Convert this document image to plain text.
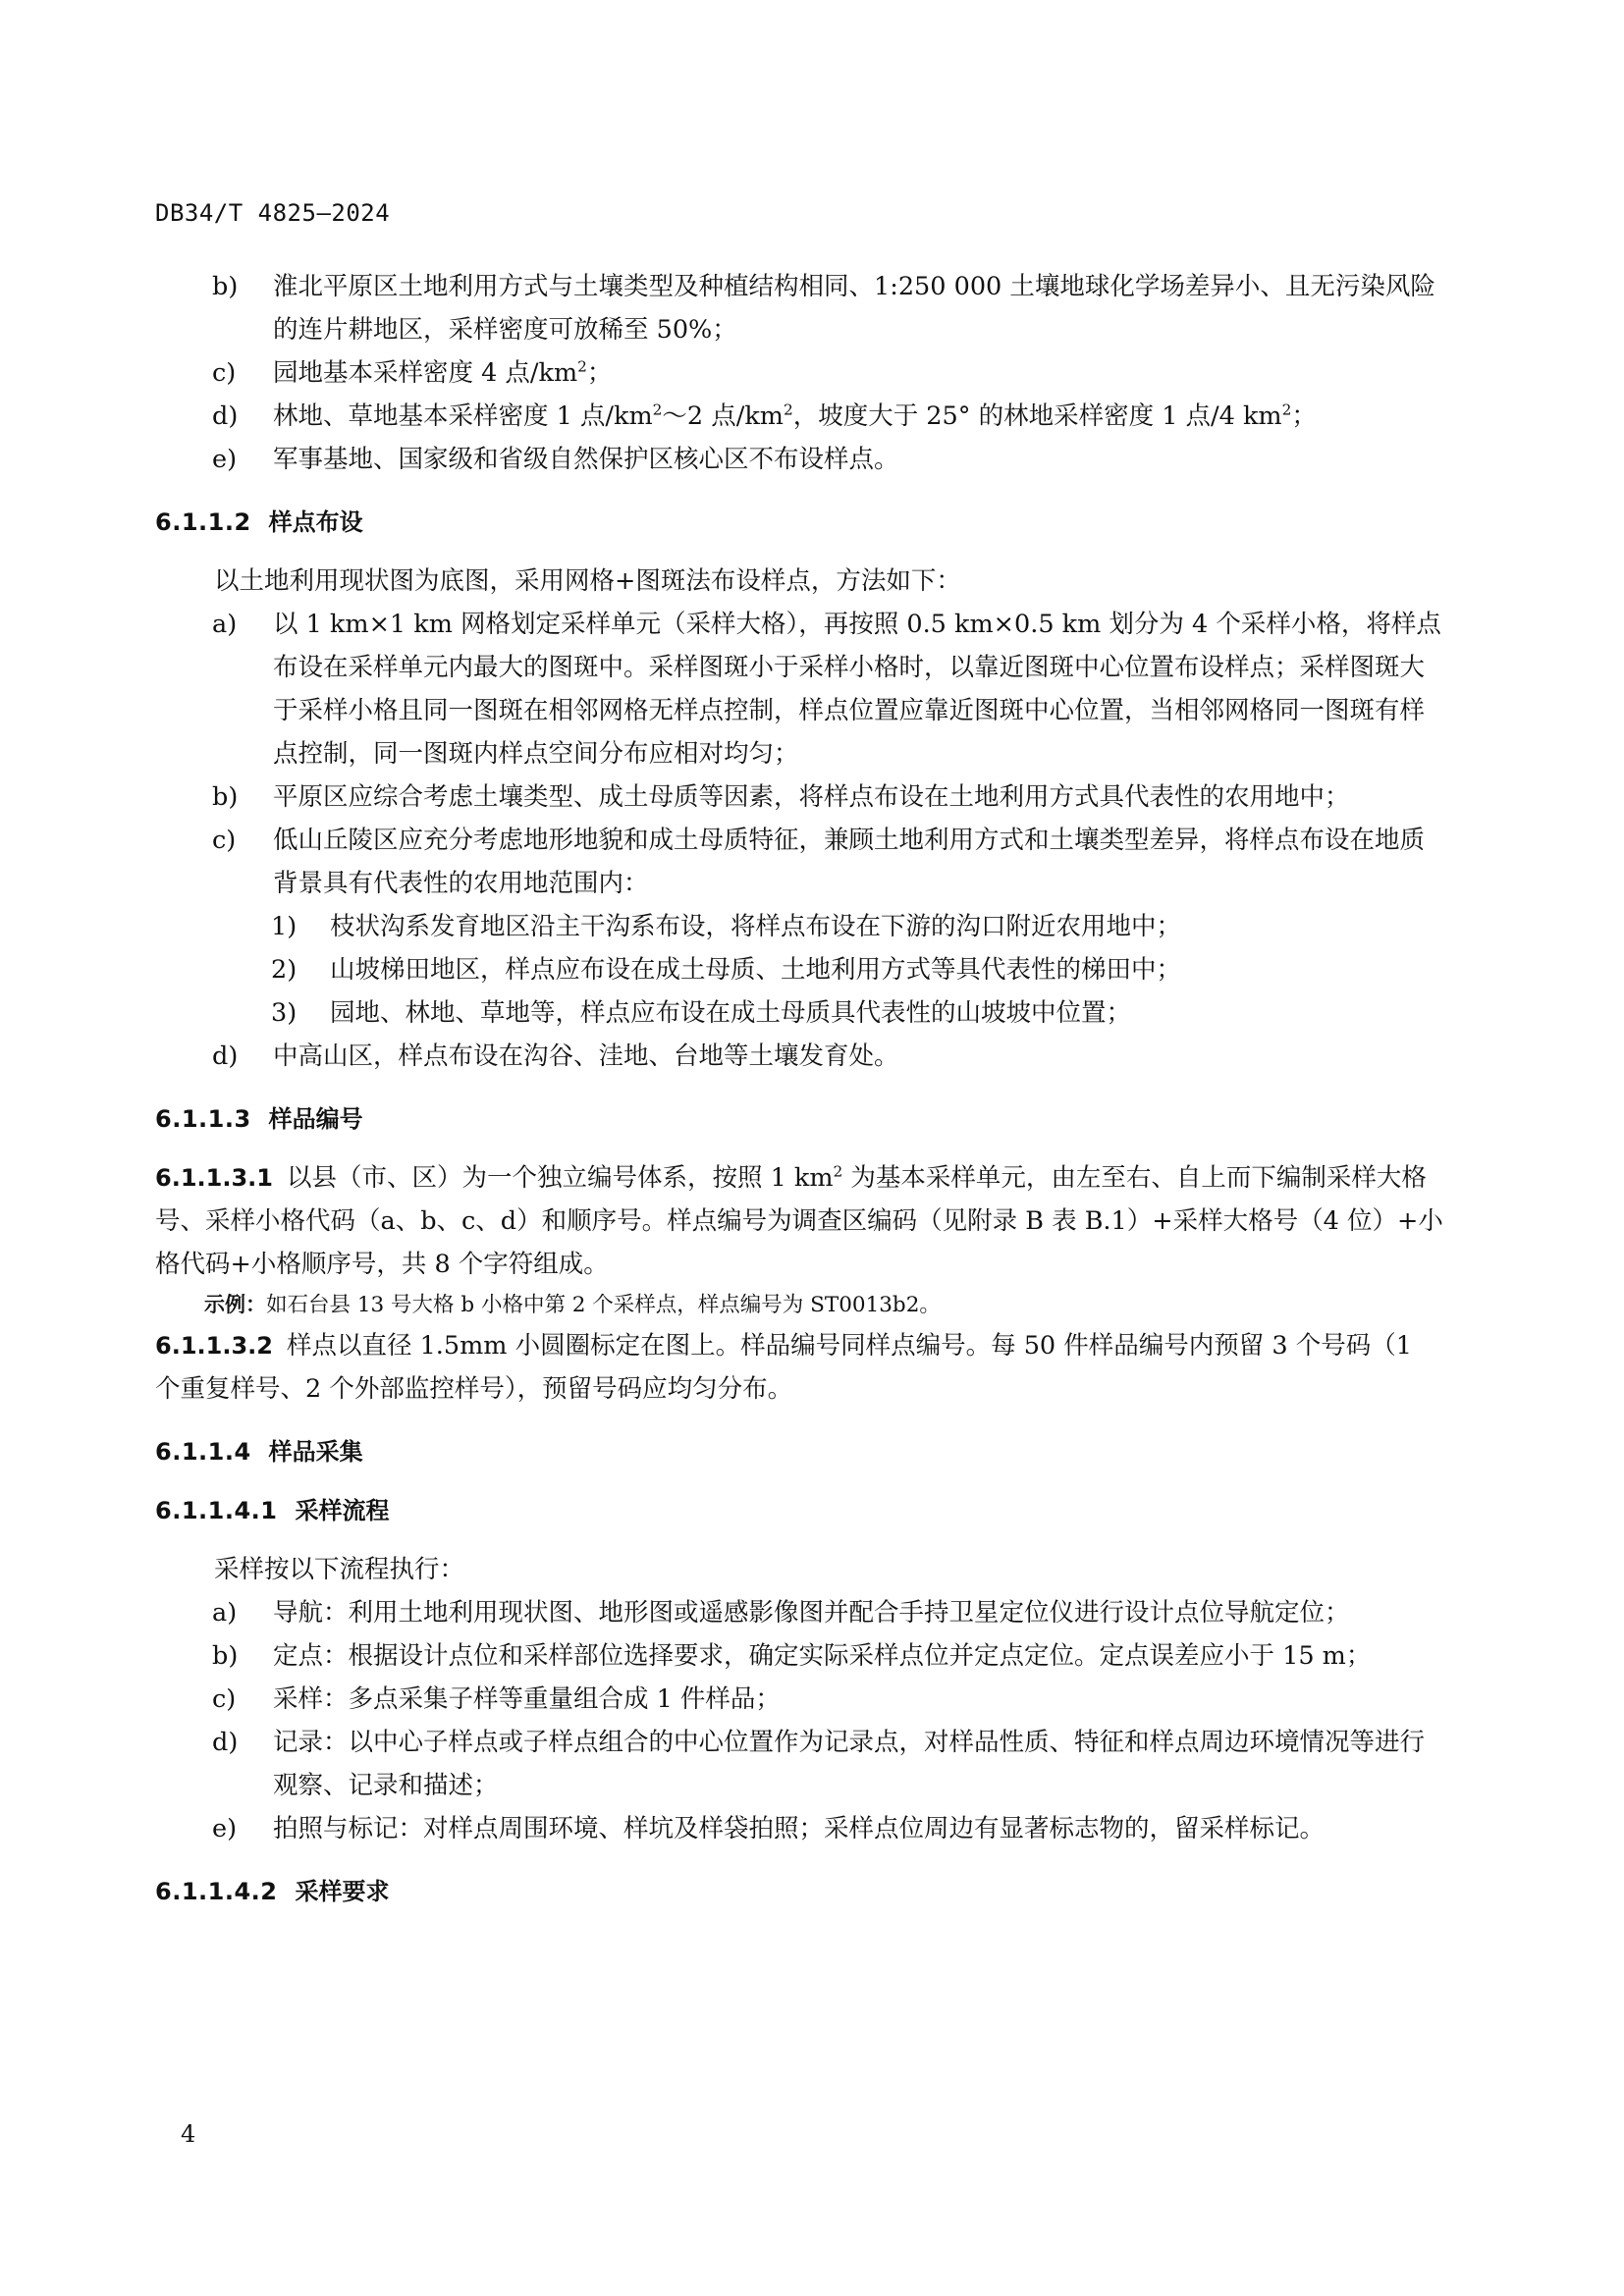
DB34/T 4825—2024
b) 淮北平原区土地利用方式与土壤类型及种植结构相同、1:250 000 土壤地球化学场差异小、且无污染风险的连片耕地区，采样密度可放稀至 50%；
c) 园地基本采样密度 4 点$/km^2$；
d) 林地、草地基本采样密度 1 点$/km^2\sim 2$ 点$/km^2$，坡度大于 25° 的林地采样密度 1 点/4 $km^2$；
e) 军事基地、国家级和省级自然保护区核心区不布设样点。
6.1.1.2 样点布设
以土地利用现状图为底图，采用网格+图斑法布设样点，方法如下：
a) 以 1 km×1 km 网格划定采样单元（采样大格），再按照 0.5 km×0.5 km 划分为 4 个采样小格，将样点布设在采样单元内最大的图斑中。采样图斑小于采样小格时，以靠近图斑中心位置布设样点；采样图斑大于采样小格且同一图斑在相邻网格无样点控制，样点位置应靠近图斑中心位置，当相邻网格同一图斑有样点控制，同一图斑内样点空间分布应相对均匀；
b) 平原区应综合考虑土壤类型、成土母质等因素，将样点布设在土地利用方式具代表性的农用地中；
c) 低山丘陵区应充分考虑地形地貌和成土母质特征，兼顾土地利用方式和土壤类型差异，将样点布设在地质背景具有代表性的农用地范围内：
1) 枝状沟系发育地区沿主干沟系布设，将样点布设在下游的沟口附近农用地中；
2) 山坡梯田地区，样点应布设在成土母质、土地利用方式等具代表性的梯田中；
3) 园地、林地、草地等，样点应布设在成土母质具代表性的山坡坡中位置；
d) 中高山区，样点布设在沟谷、洼地、台地等土壤发育处。
6.1.1.3 样品编号
6.1.1.3.1 以县（市、区）为一个独立编号体系，按照 1 $km^2$ 为基本采样单元，由左至右、自上而下编制采样大格号、采样小格代码（a、b、c、d）和顺序号。样点编号为调查区编码（见附录 B 表 B.1）+采样大格号（4 位）+小格代码+小格顺序号，共 8 个字符组成。
示例：如石台县 13 号大格 b 小格中第 2 个采样点，样点编号为 ST0013b2。
6.1.1.3.2 样点以直径 1.5mm 小圆圈标定在图上。样品编号同样点编号。每 50 件样品编号内预留 3 个号码（1 个重复样号、2 个外部监控样号），预留号码应均匀分布。
6.1.1.4 样品采集
6.1.1.4.1 采样流程
采样按以下流程执行：
a) 导航：利用土地利用现状图、地形图或遥感影像图并配合手持卫星定位仪进行设计点位导航定位；
b) 定点：根据设计点位和采样部位选择要求，确定实际采样点位并定点定位。定点误差应小于 15 m；
c) 采样：多点采集子样等重量组合成 1 件样品；
d) 记录：以中心子样点或子样点组合的中心位置作为记录点，对样品性质、特征和样点周边环境情况等进行观察、记录和描述；
e) 拍照与标记：对样点周围环境、样坑及样袋拍照；采样点位周边有显著标志物的，留采样标记。
6.1.1.4.2 采样要求
4
